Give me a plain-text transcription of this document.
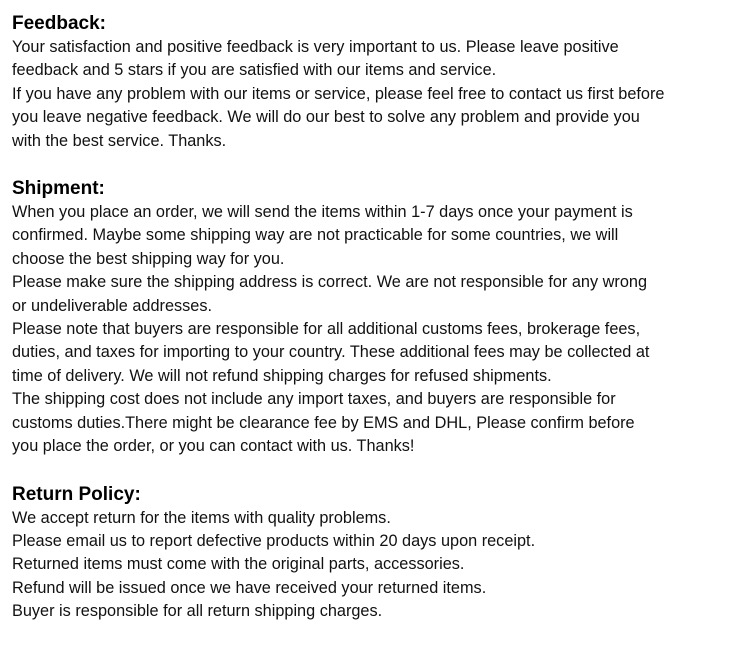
Feedback:
Your satisfaction and positive feedback is very important to us. Please leave positive
feedback and 5 stars if you are satisfied with our items and service.
If you have any problem with our items or service, please feel free to contact us first before
you leave negative feedback. We will do our best to solve any problem and provide you
with the best service. Thanks.
Shipment:
When you place an order, we will send the items within 1-7 days once your payment is
confirmed. Maybe some shipping way are not practicable for some countries, we will
choose the best shipping way for you.
Please make sure the shipping address is correct. We are not responsible for any wrong
or undeliverable addresses.
Please note that buyers are responsible for all additional customs fees, brokerage fees,
duties, and taxes for importing to your country. These additional fees may be collected at
time of delivery. We will not refund shipping charges for refused shipments.
The shipping cost does not include any import taxes, and buyers are responsible for
customs duties.There might be clearance fee by EMS and DHL, Please confirm before
you place the order, or you can contact with us. Thanks!
Return Policy:
We accept return for the items with quality problems.
Please email us to report defective products within 20 days upon receipt.
Returned items must come with the original parts, accessories.
Refund will be issued once we have received your returned items.
Buyer is responsible for all return shipping charges.
